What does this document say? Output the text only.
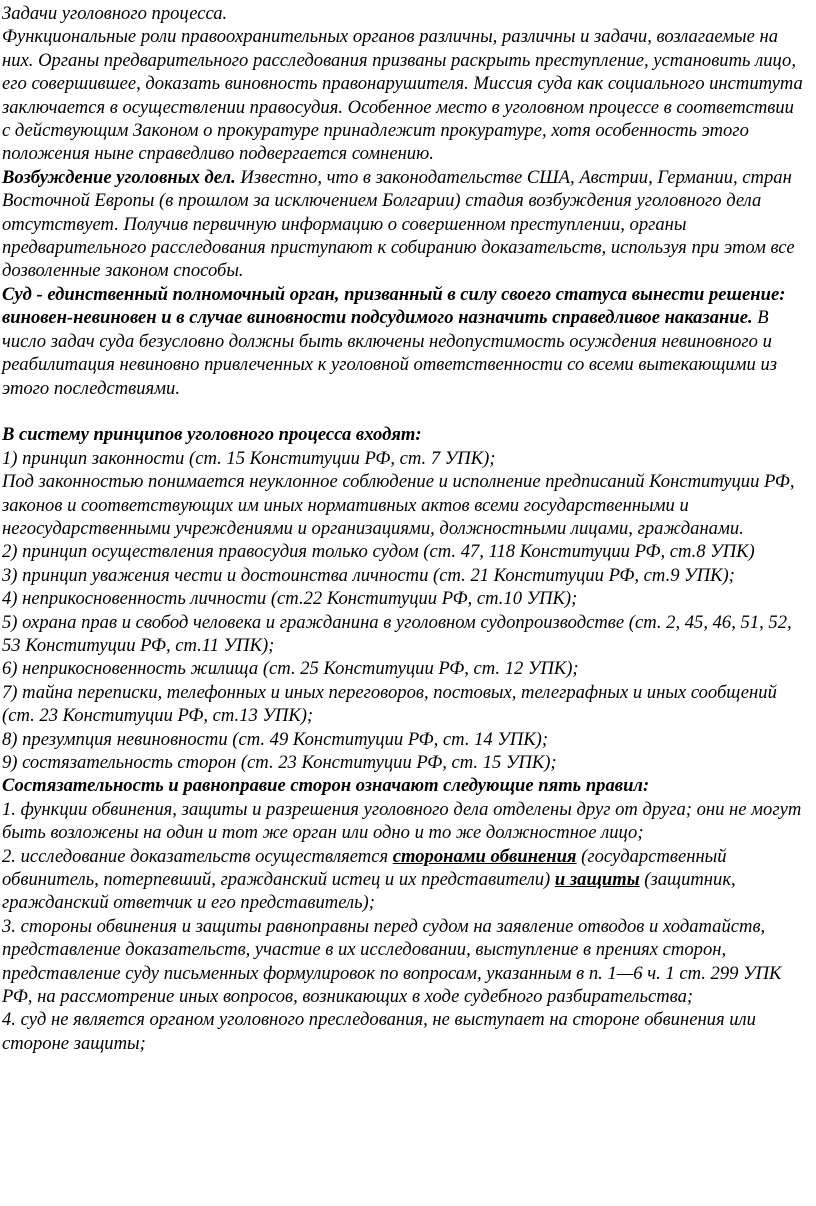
Задачи уголовного процесса.

Функциональные роли правоохранительных органов различны, различны и задачи, возлагаемые на них. Органы предварительного расследования призваны раскрыть преступление, установить лицо, его совершившее, доказать виновность правонарушителя. Миссия суда как социального института заключается в осуществлении правосудия. Особенное место в уголовном процессе в соответствии с действующим Законом о прокуратуре принадлежит прокуратуре, хотя особенность этого положения ныне справедливо подвергается сомнению.

Возбуждение уголовных дел. Известно, что в законодательстве США, Австрии, Германии, стран Восточной Европы (в прошлом за исключением Болгарии) стадия возбуждения уголовного дела отсутствует. Получив первичную информацию о совершенном преступлении, органы предварительного расследования приступают к собиранию доказательств, используя при этом все дозволенные законом способы.

Суд - единственный полномочный орган, призванный в силу своего статуса вынести решение: виновен-невиновен и в случае виновности подсудимого назначить справедливое наказание. В число задач суда безусловно должны быть включены недопустимость осуждения невиновного и реабилитация невиновно привлеченных к уголовной ответственности со всеми вытекающими из этого последствиями.

В систему принципов уголовного процесса входят:

1) принцип законности (ст. 15 Конституции РФ, ст. 7 УПК);

Под законностью понимается неуклонное соблюдение и исполнение предписаний Конституции РФ, законов и соответствующих им иных нормативных актов всеми государственными и негосударственными учреждениями и организациями, должностными лицами, гражданами.

2) принцип осуществления правосудия только судом (ст. 47, 118 Конституции РФ, ст.8 УПК)

3) принцип уважения чести и достоинства личности (ст. 21 Конституции РФ, ст.9 УПК);

4) неприкосновенность личности (ст.22 Конституции РФ, ст.10 УПК);

5) охрана прав и свобод человека и гражданина в уголовном судопроизводстве (ст. 2, 45, 46, 51, 52, 53 Конституции РФ, ст.11 УПК);

6) неприкосновенность жилища (ст. 25 Конституции РФ, ст. 12 УПК);

7) тайна переписки, телефонных и иных переговоров, постовых, телеграфных и иных сообщений (ст. 23 Конституции РФ, ст.13 УПК);

8) презумпция невиновности (ст. 49 Конституции РФ, ст. 14 УПК);

9) состязательность сторон (ст. 23 Конституции РФ, ст. 15 УПК);

Состязательность и равноправие сторон означают следующие пять правил:

1. функции обвинения, защиты и разрешения уголовного дела отделены друг от друга; они не могут быть возложены на один и тот же орган или одно и то же должностное лицо;

2. исследование доказательств осуществляется сторонами обвинения (государственный обвинитель, потерпевший, гражданский истец и их представители) и защиты (защитник, гражданский ответчик и его представитель);

3. стороны обвинения и защиты равноправны перед судом на заявление отводов и ходатайств, представление доказательств, участие в их исследовании, выступление в прениях сторон, представление суду письменных формулировок по вопросам, указанным в п. 1—6 ч. 1 ст. 299 УПК РФ, на рассмотрение иных вопросов, возникающих в ходе судебного разбирательства;

4. суд не является органом уголовного преследования, не выступает на стороне обвинения или стороне защиты;
